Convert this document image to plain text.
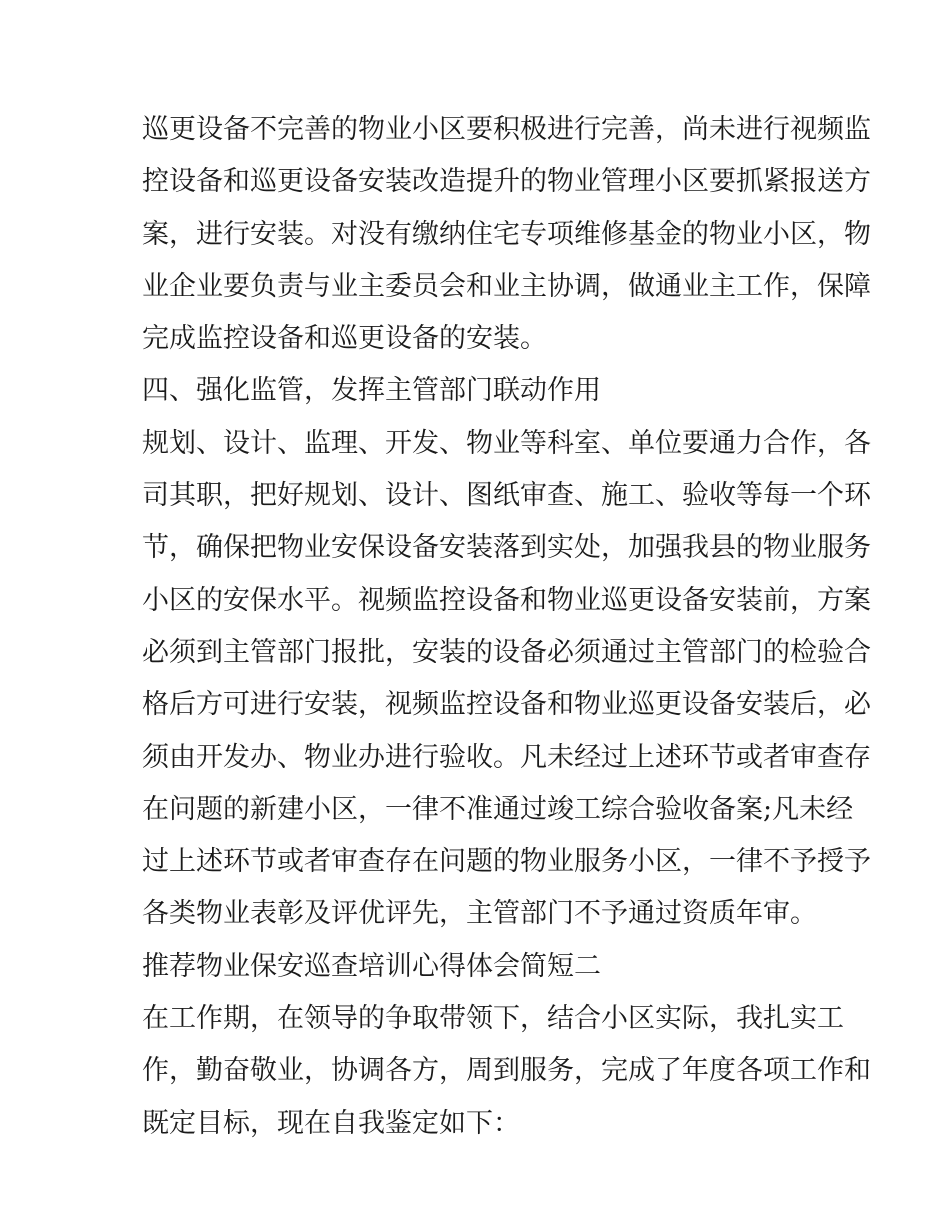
巡更设备不完善的物业小区要积极进行完善，尚未进行视频监
控设备和巡更设备安装改造提升的物业管理小区要抓紧报送方
案，进行安装。对没有缴纳住宅专项维修基金的物业小区，物
业企业要负责与业主委员会和业主协调，做通业主工作，保障
完成监控设备和巡更设备的安装。
四、强化监管，发挥主管部门联动作用
规划、设计、监理、开发、物业等科室、单位要通力合作，各
司其职，把好规划、设计、图纸审查、施工、验收等每一个环
节，确保把物业安保设备安装落到实处，加强我县的物业服务
小区的安保水平。视频监控设备和物业巡更设备安装前，方案
必须到主管部门报批，安装的设备必须通过主管部门的检验合
格后方可进行安装，视频监控设备和物业巡更设备安装后，必
须由开发办、物业办进行验收。凡未经过上述环节或者审查存
在问题的新建小区，一律不准通过竣工综合验收备案;凡未经
过上述环节或者审查存在问题的物业服务小区，一律不予授予
各类物业表彰及评优评先，主管部门不予通过资质年审。
推荐物业保安巡查培训心得体会简短二
在工作期，在领导的争取带领下，结合小区实际，我扎实工
作，勤奋敬业，协调各方，周到服务，完成了年度各项工作和
既定目标，现在自我鉴定如下：
